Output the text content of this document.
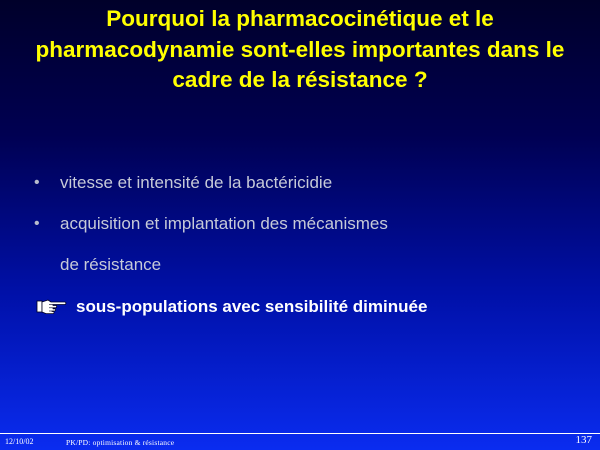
Pourquoi la pharmacocinétique et le pharmacodynamie sont-elles importantes dans le cadre de la résistance ?
• vitesse et intensité de la bactéricidie
• acquisition et implantation des mécanismes
de résistance
sous-populations avec sensibilité diminuée
12/10/02	PK/PD: optimisation & résistance	137
